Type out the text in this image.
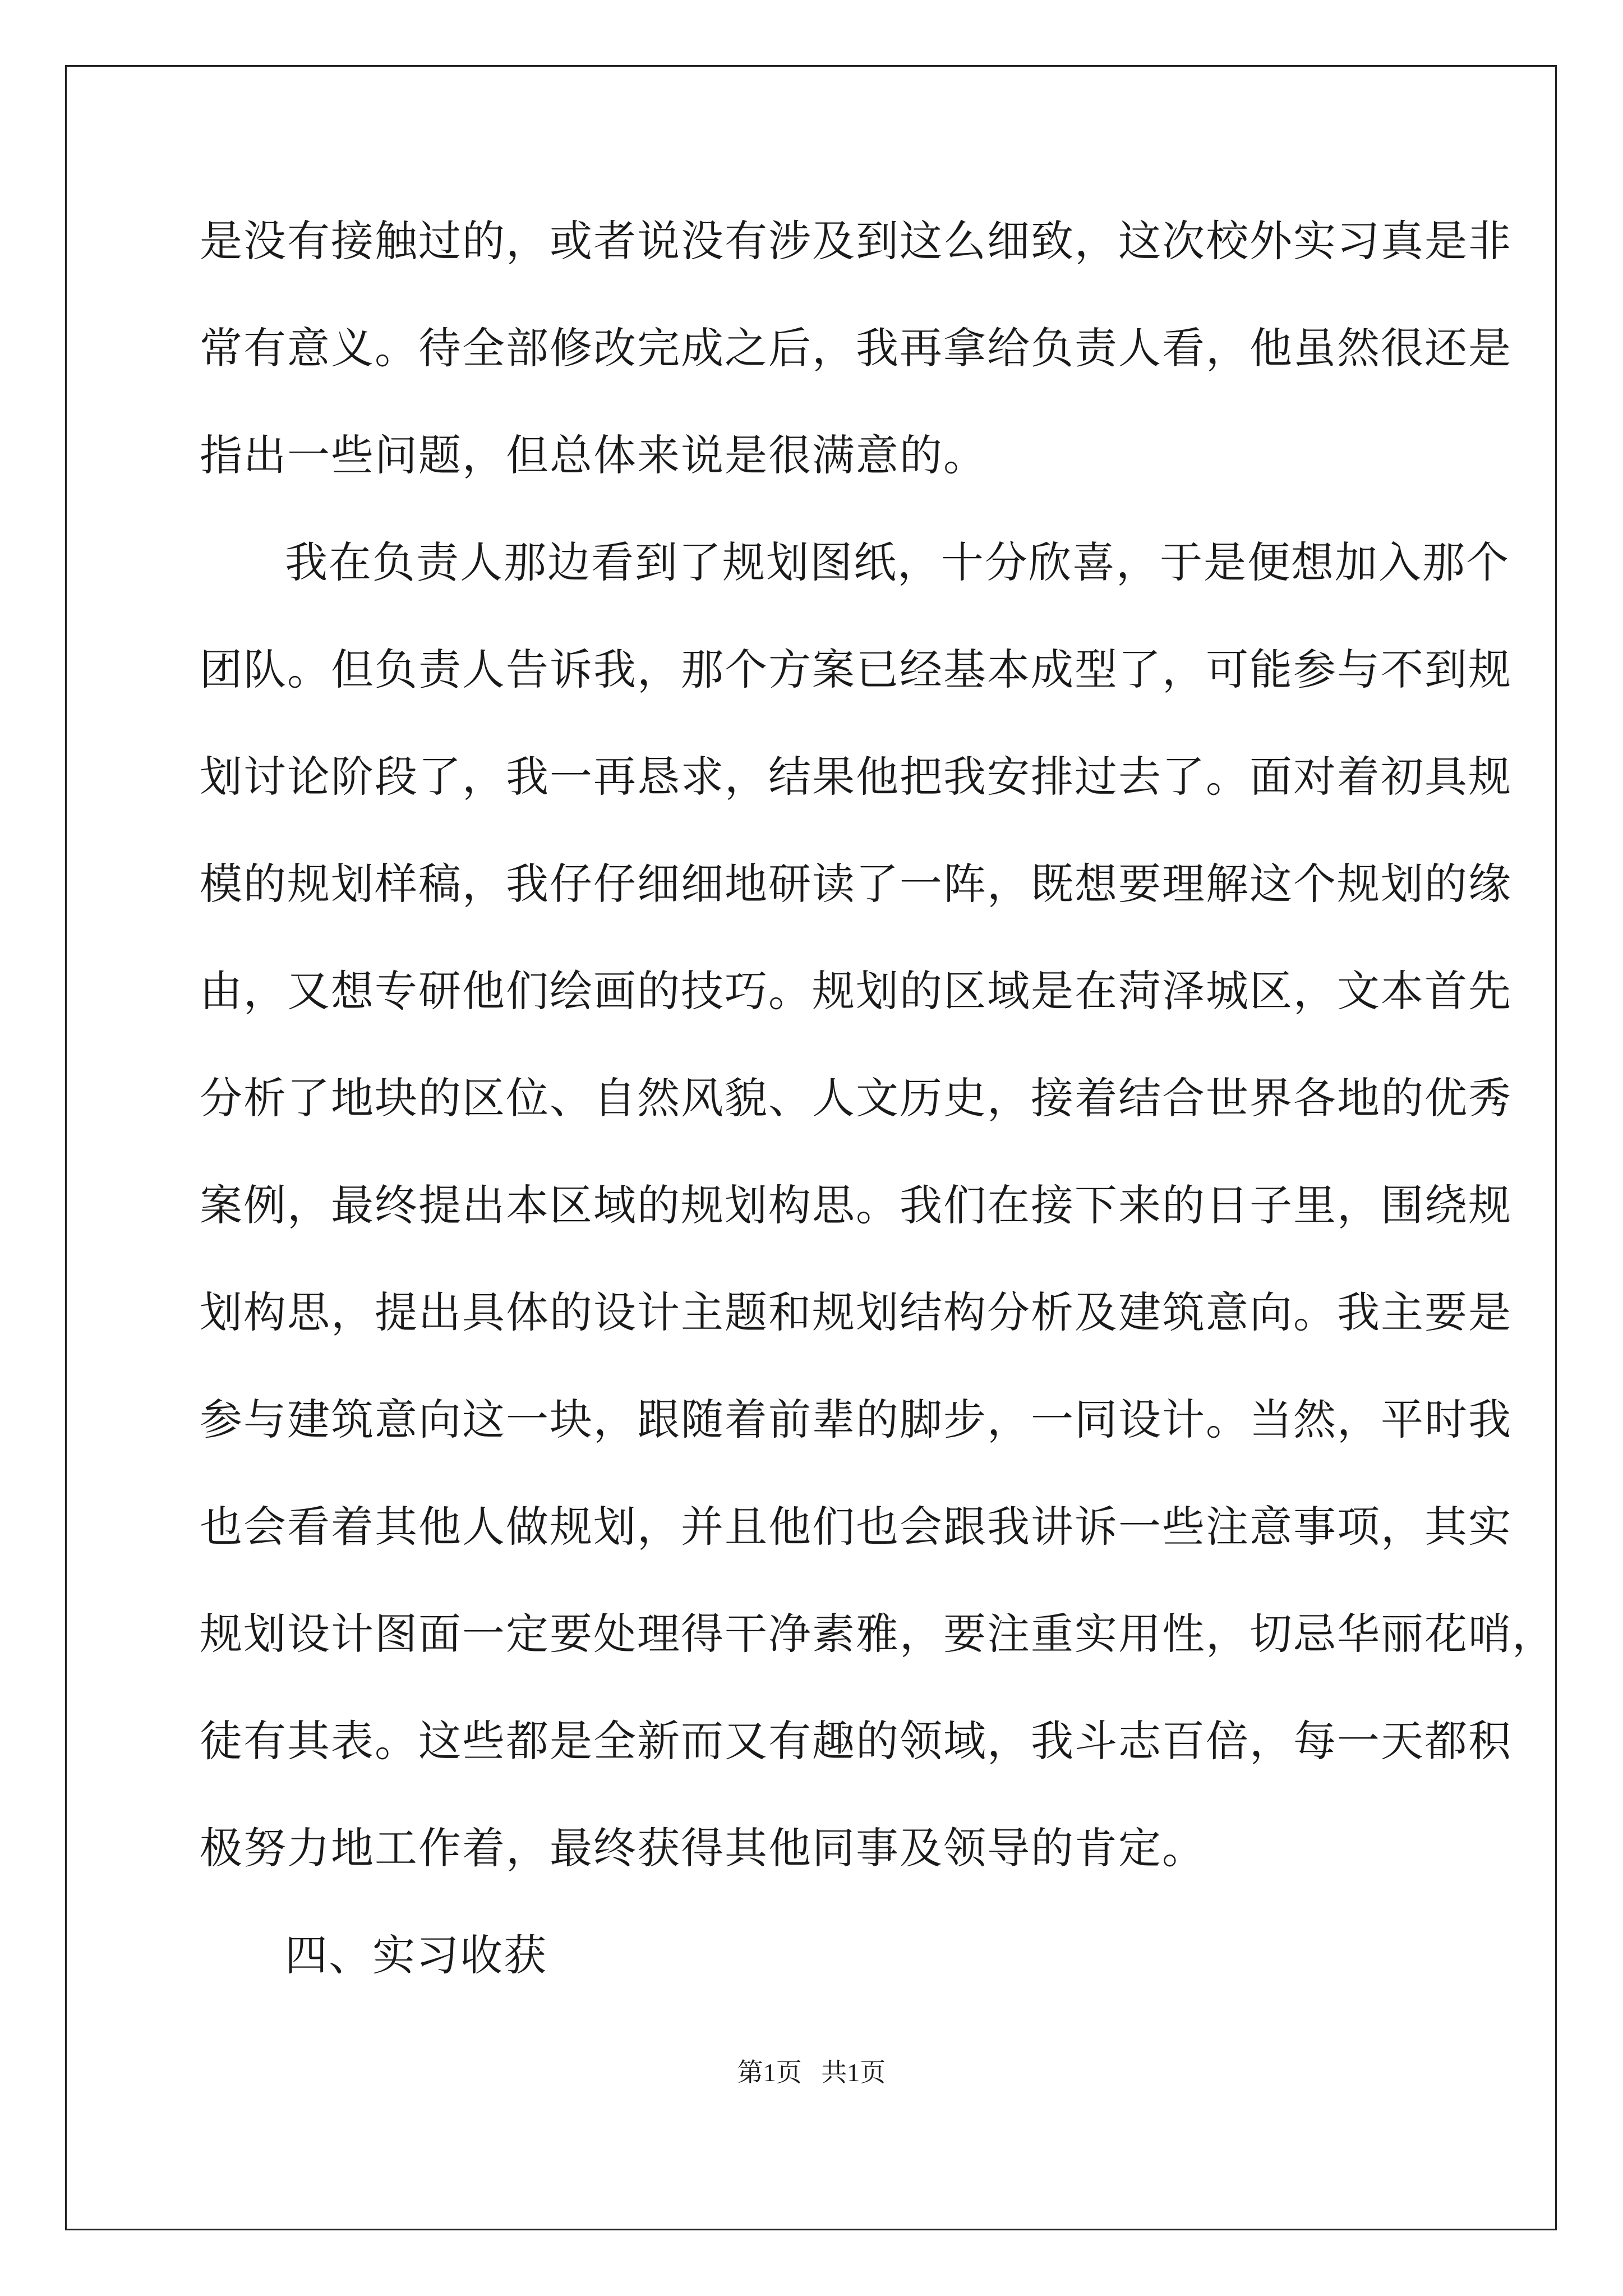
是没有接触过的，或者说没有涉及到这么细致，这次校外实习真是非
常有意义。待全部修改完成之后，我再拿给负责人看，他虽然很还是
指出一些问题，但总体来说是很满意的。
我在负责人那边看到了规划图纸，十分欣喜，于是便想加入那个
团队。但负责人告诉我，那个方案已经基本成型了，可能参与不到规
划讨论阶段了，我一再恳求，结果他把我安排过去了。面对着初具规
模的规划样稿，我仔仔细细地研读了一阵，既想要理解这个规划的缘
由，又想专研他们绘画的技巧。规划的区域是在菏泽城区，文本首先
分析了地块的区位、自然风貌、人文历史，接着结合世界各地的优秀
案例，最终提出本区域的规划构思。我们在接下来的日子里，围绕规
划构思，提出具体的设计主题和规划结构分析及建筑意向。我主要是
参与建筑意向这一块，跟随着前辈的脚步，一同设计。当然，平时我
也会看着其他人做规划，并且他们也会跟我讲诉一些注意事项，其实
规划设计图面一定要处理得干净素雅，要注重实用性，切忌华丽花哨，
徒有其表。这些都是全新而又有趣的领域，我斗志百倍，每一天都积
极努力地工作着，最终获得其他同事及领导的肯定。
四、实习收获
第1页 共1页
